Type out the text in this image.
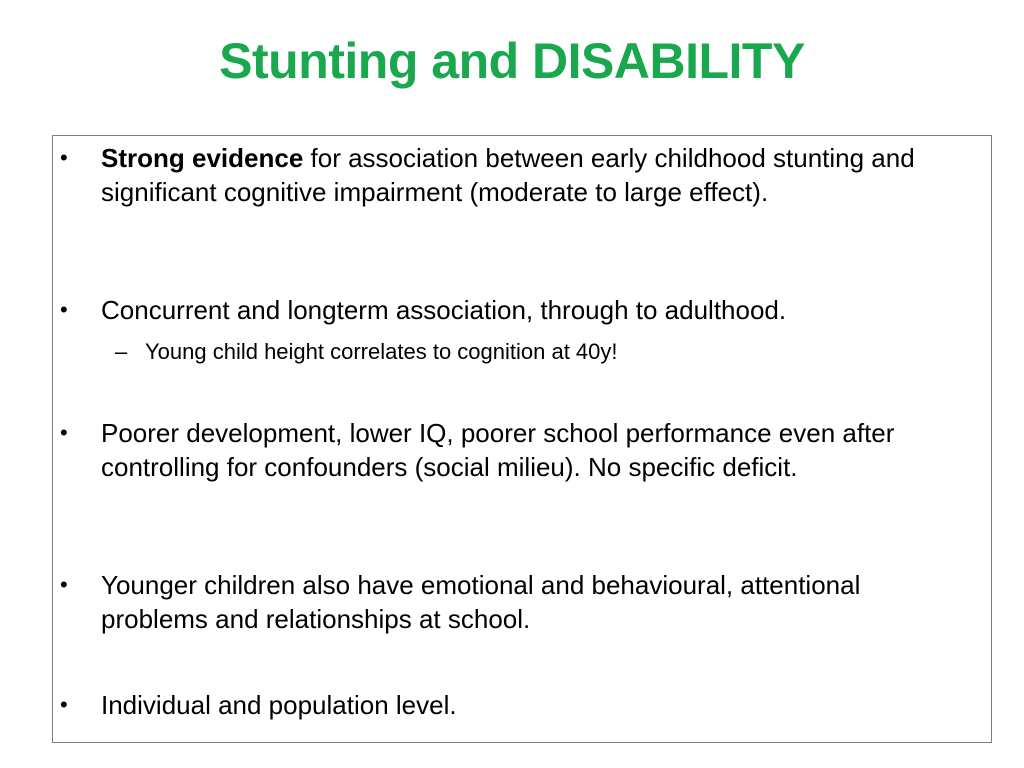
Stunting and DISABILITY
• Strong evidence for association between early childhood stunting and significant cognitive impairment (moderate to large effect).
• Concurrent and longterm association, through to adulthood.
– Young child height correlates to cognition at 40y!
• Poorer development, lower IQ, poorer school performance even after controlling for confounders (social milieu). No specific deficit.
• Younger children also have emotional and behavioural, attentional problems and relationships at school.
• Individual and population level.
